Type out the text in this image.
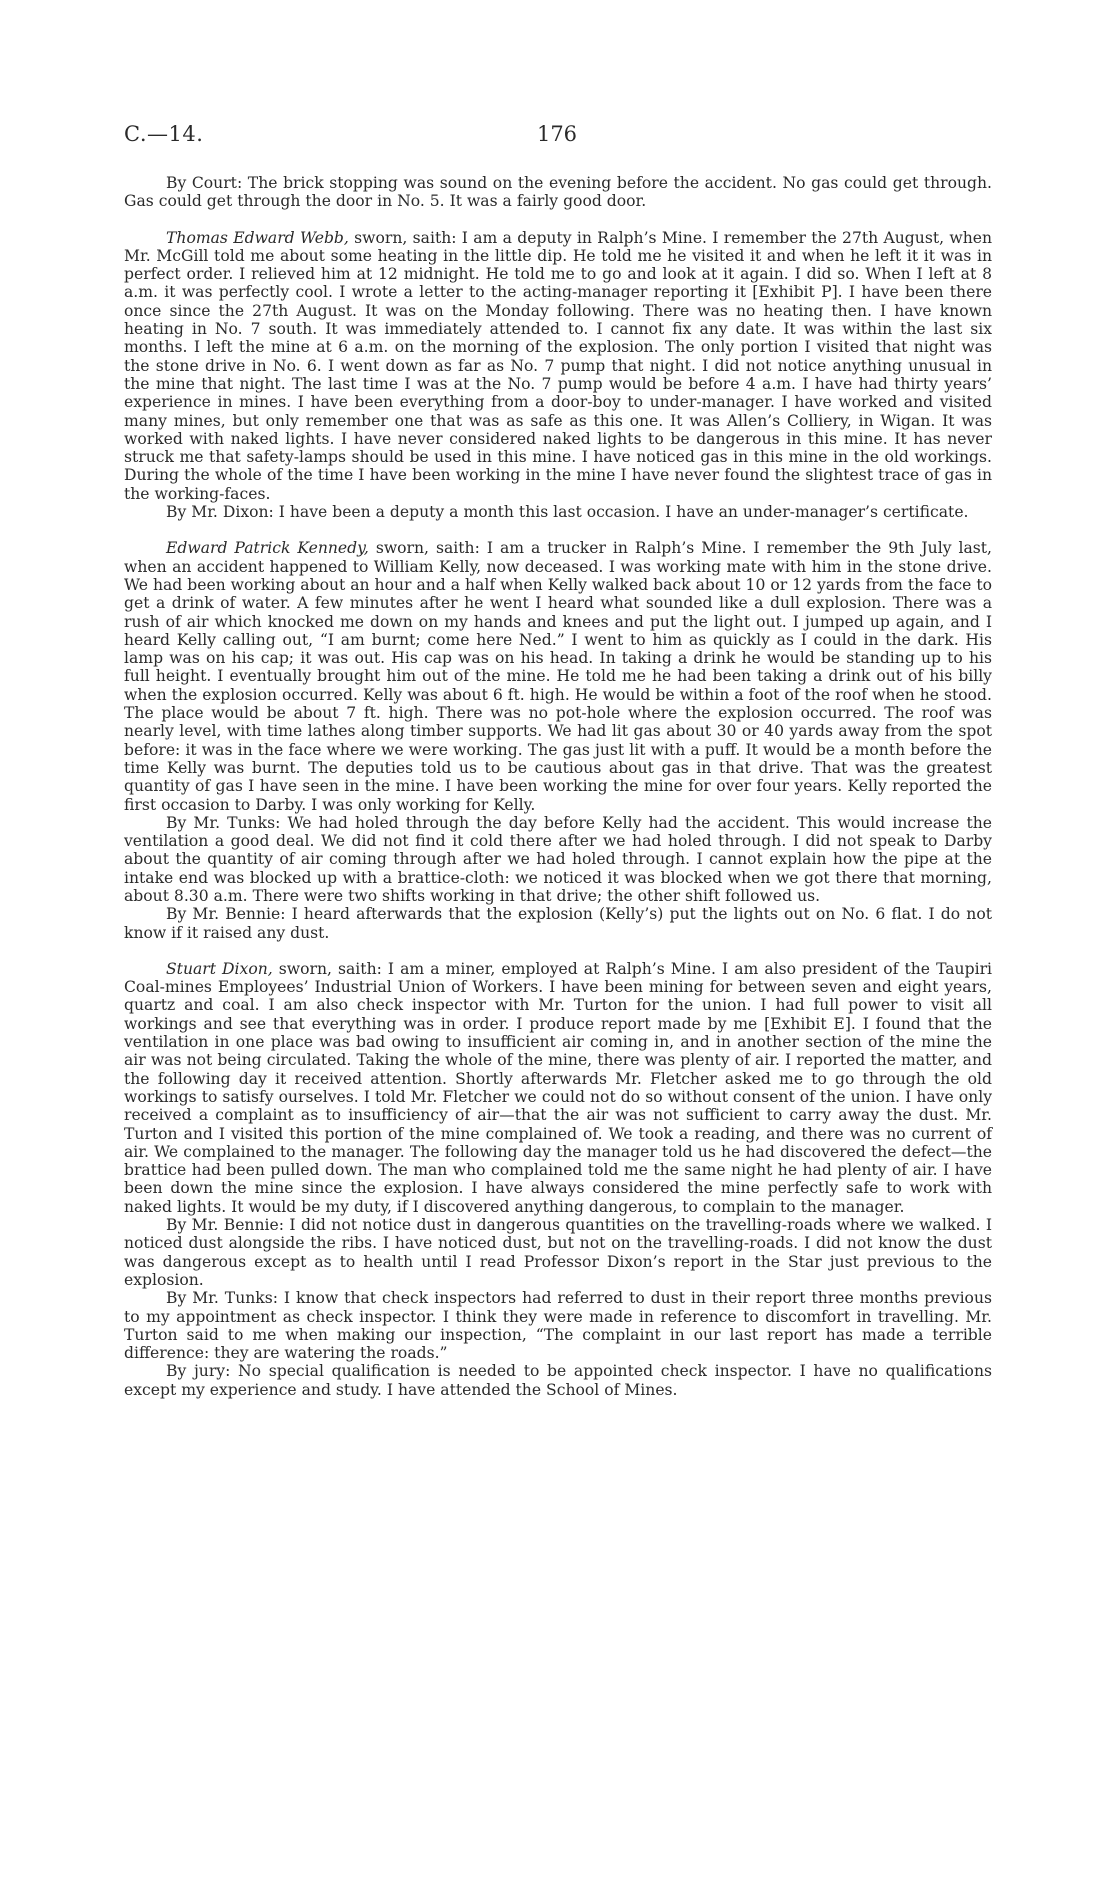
C.—14.	176

By Court: The brick stopping was sound on the evening before the accident. No gas could get through. Gas could get through the door in No. 5. It was a fairly good door.

Thomas Edward Webb, sworn, saith: I am a deputy in Ralph’s Mine. I remember the 27th August, when Mr. McGill told me about some heating in the little dip. He told me he visited it and when he left it it was in perfect order. I relieved him at 12 midnight. He told me to go and look at it again. I did so. When I left at 8 a.m. it was perfectly cool. I wrote a letter to the acting-manager reporting it [Exhibit P]. I have been there once since the 27th August. It was on the Monday following. There was no heating then. I have known heating in No. 7 south. It was immediately attended to. I cannot fix any date. It was within the last six months. I left the mine at 6 a.m. on the morning of the explosion. The only portion I visited that night was the stone drive in No. 6. I went down as far as No. 7 pump that night. I did not notice anything unusual in the mine that night. The last time I was at the No. 7 pump would be before 4 a.m. I have had thirty years’ experience in mines. I have been everything from a door-boy to under-manager. I have worked and visited many mines, but only remember one that was as safe as this one. It was Allen’s Colliery, in Wigan. It was worked with naked lights. I have never considered naked lights to be dangerous in this mine. It has never struck me that safety-lamps should be used in this mine. I have noticed gas in this mine in the old workings. During the whole of the time I have been working in the mine I have never found the slightest trace of gas in the working-faces.

By Mr. Dixon: I have been a deputy a month this last occasion. I have an under-manager’s certificate.

Edward Patrick Kennedy, sworn, saith: I am a trucker in Ralph’s Mine. I remember the 9th July last, when an accident happened to William Kelly, now deceased. I was working mate with him in the stone drive. We had been working about an hour and a half when Kelly walked back about 10 or 12 yards from the face to get a drink of water. A few minutes after he went I heard what sounded like a dull explosion. There was a rush of air which knocked me down on my hands and knees and put the light out. I jumped up again, and I heard Kelly calling out, “I am burnt; come here Ned.” I went to him as quickly as I could in the dark. His lamp was on his cap; it was out. His cap was on his head. In taking a drink he would be standing up to his full height. I eventually brought him out of the mine. He told me he had been taking a drink out of his billy when the explosion occurred. Kelly was about 6 ft. high. He would be within a foot of the roof when he stood. The place would be about 7 ft. high. There was no pot-hole where the explosion occurred. The roof was nearly level, with time lathes along timber supports. We had lit gas about 30 or 40 yards away from the spot before: it was in the face where we were working. The gas just lit with a puff. It would be a month before the time Kelly was burnt. The deputies told us to be cautious about gas in that drive. That was the greatest quantity of gas I have seen in the mine. I have been working the mine for over four years. Kelly reported the first occasion to Darby. I was only working for Kelly.

By Mr. Tunks: We had holed through the day before Kelly had the accident. This would increase the ventilation a good deal. We did not find it cold there after we had holed through. I did not speak to Darby about the quantity of air coming through after we had holed through. I cannot explain how the pipe at the intake end was blocked up with a brattice-cloth: we noticed it was blocked when we got there that morning, about 8.30 a.m. There were two shifts working in that drive; the other shift followed us.

By Mr. Bennie: I heard afterwards that the explosion (Kelly’s) put the lights out on No. 6 flat. I do not know if it raised any dust.

Stuart Dixon, sworn, saith: I am a miner, employed at Ralph’s Mine. I am also president of the Taupiri Coal-mines Employees’ Industrial Union of Workers. I have been mining for between seven and eight years, quartz and coal. I am also check inspector with Mr. Turton for the union. I had full power to visit all workings and see that everything was in order. I produce report made by me [Exhibit E]. I found that the ventilation in one place was bad owing to insufficient air coming in, and in another section of the mine the air was not being circulated. Taking the whole of the mine, there was plenty of air. I reported the matter, and the following day it received attention. Shortly afterwards Mr. Fletcher asked me to go through the old workings to satisfy ourselves. I told Mr. Fletcher we could not do so without consent of the union. I have only received a complaint as to insufficiency of air—that the air was not sufficient to carry away the dust. Mr. Turton and I visited this portion of the mine complained of. We took a reading, and there was no current of air. We complained to the manager. The following day the manager told us he had discovered the defect—the brattice had been pulled down. The man who complained told me the same night he had plenty of air. I have been down the mine since the explosion. I have always considered the mine perfectly safe to work with naked lights. It would be my duty, if I discovered anything dangerous, to complain to the manager.

By Mr. Bennie: I did not notice dust in dangerous quantities on the travelling-roads where we walked. I noticed dust alongside the ribs. I have noticed dust, but not on the travelling-roads. I did not know the dust was dangerous except as to health until I read Professor Dixon’s report in the Star just previous to the explosion.

By Mr. Tunks: I know that check inspectors had referred to dust in their report three months previous to my appointment as check inspector. I think they were made in reference to discomfort in travelling. Mr. Turton said to me when making our inspection, “The complaint in our last report has made a terrible difference: they are watering the roads.”

By jury: No special qualification is needed to be appointed check inspector. I have no qualifications except my experience and study. I have attended the School of Mines.
